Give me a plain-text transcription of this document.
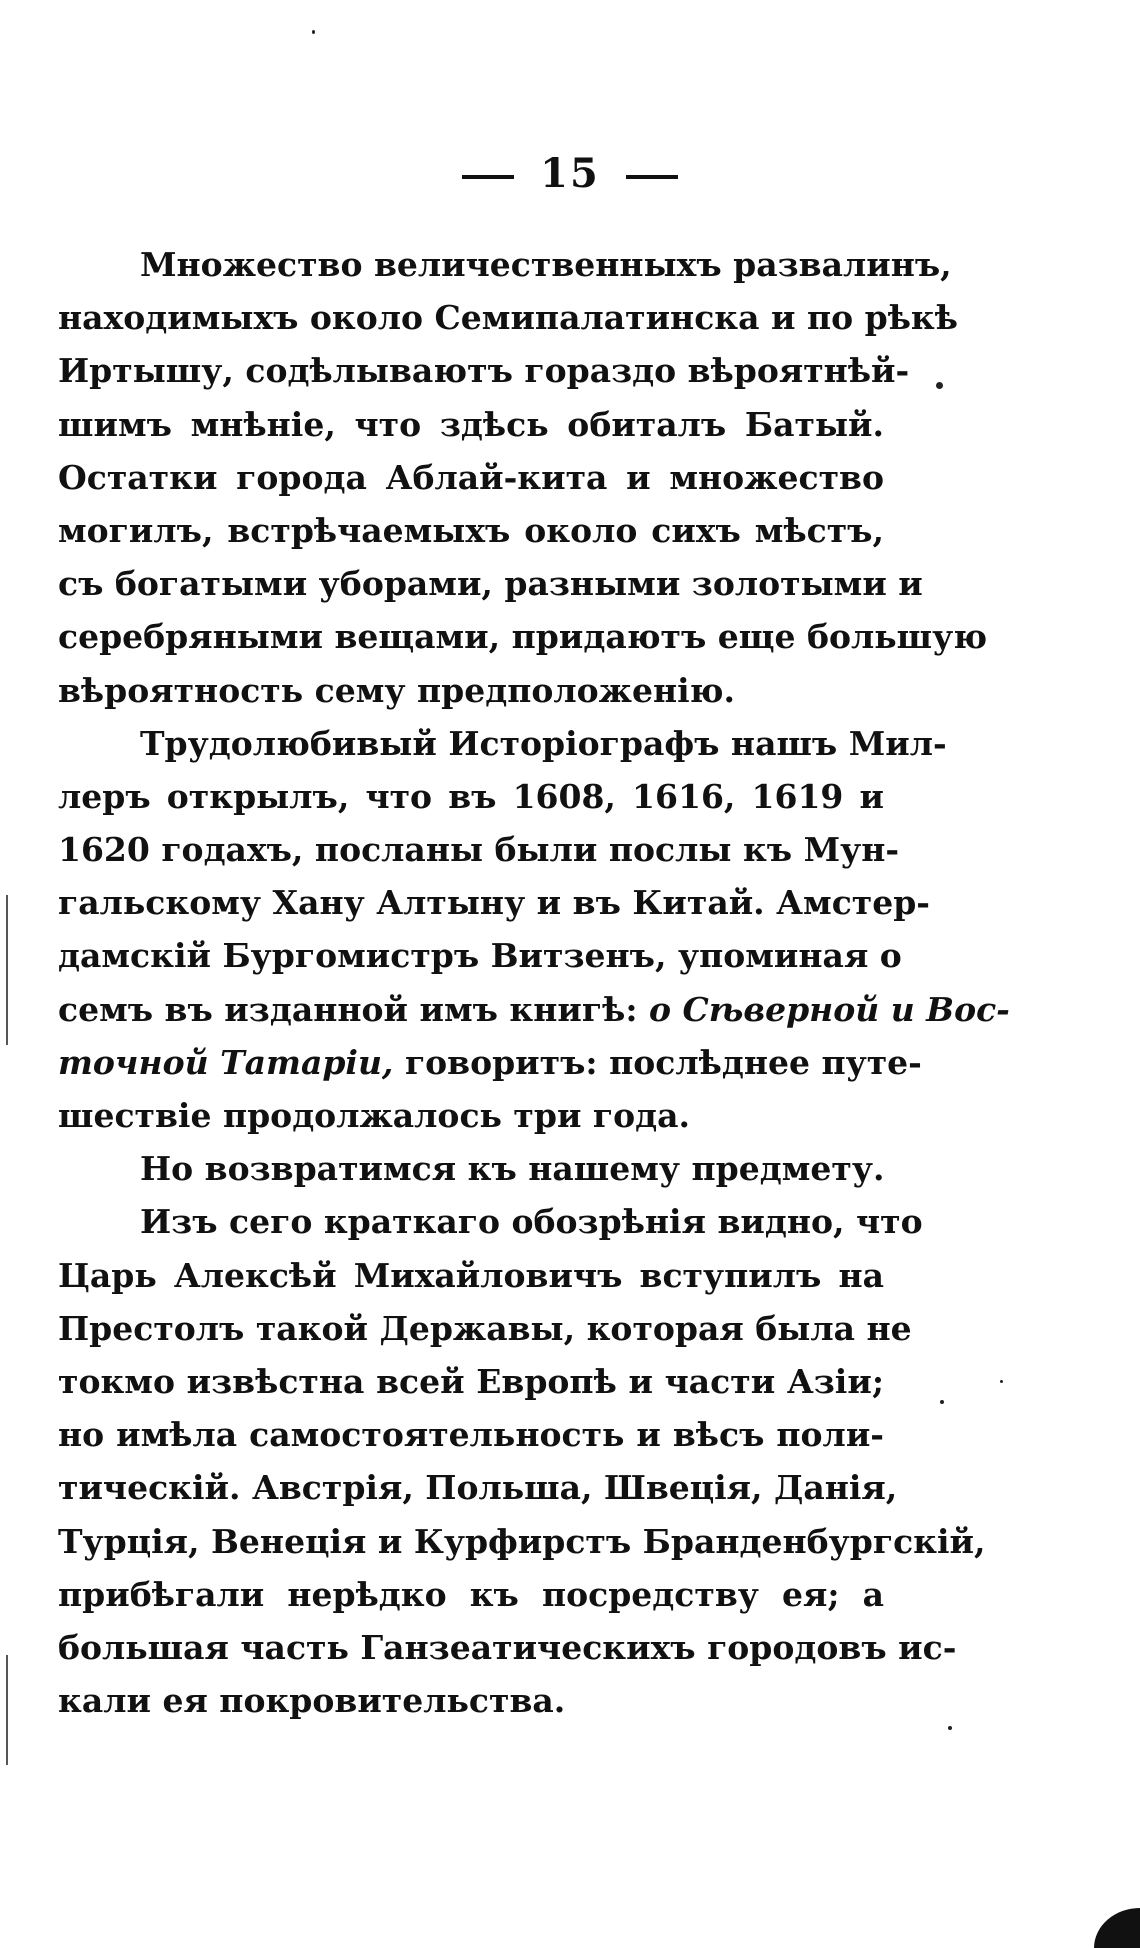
15
Множество величественныхъ развалинъ,
находимыхъ около Семипалатинска и по рѣкѣ
Иртышу, содѣлываютъ гораздо вѣроятнѣй-
шимъ мнѣніе, что здѣсь обиталъ Батый.
Остатки города Аблай-кита и множество
могилъ, встрѣчаемыхъ около сихъ мѣстъ,
съ богатыми уборами, разными золотыми и
серебряными вещами, придаютъ еще большую
вѣроятность сему предположенію.
Трудолюбивый Исторіографъ нашъ Мил-
леръ открылъ, что въ 1608, 1616, 1619 и
1620 годахъ, посланы были послы къ Мун-
гальскому Хану Алтыну и въ Китай. Амстер-
дамскій Бургомистръ Витзенъ, упоминая о
семъ въ изданной имъ книгѣ: о Сѣверной и Вос-
точной Татаріи, говоритъ: послѣднее путе-
шествіе продолжалось три года.
Но возвратимся къ нашему предмету.
Изъ сего краткаго обозрѣнія видно, что
Царь Алексѣй Михайловичъ вступилъ на
Престолъ такой Державы, которая была не
токмо извѣстна всей Европѣ и части Азіи;
но имѣла самостоятельность и вѣсъ поли-
тическій. Австрія, Польша, Швеція, Данія,
Турція, Венеція и Курфирстъ Бранденбургскій,
прибѣгали нерѣдко къ посредству ея; а
большая часть Ганзеатическихъ городовъ ис-
кали ея покровительства.
